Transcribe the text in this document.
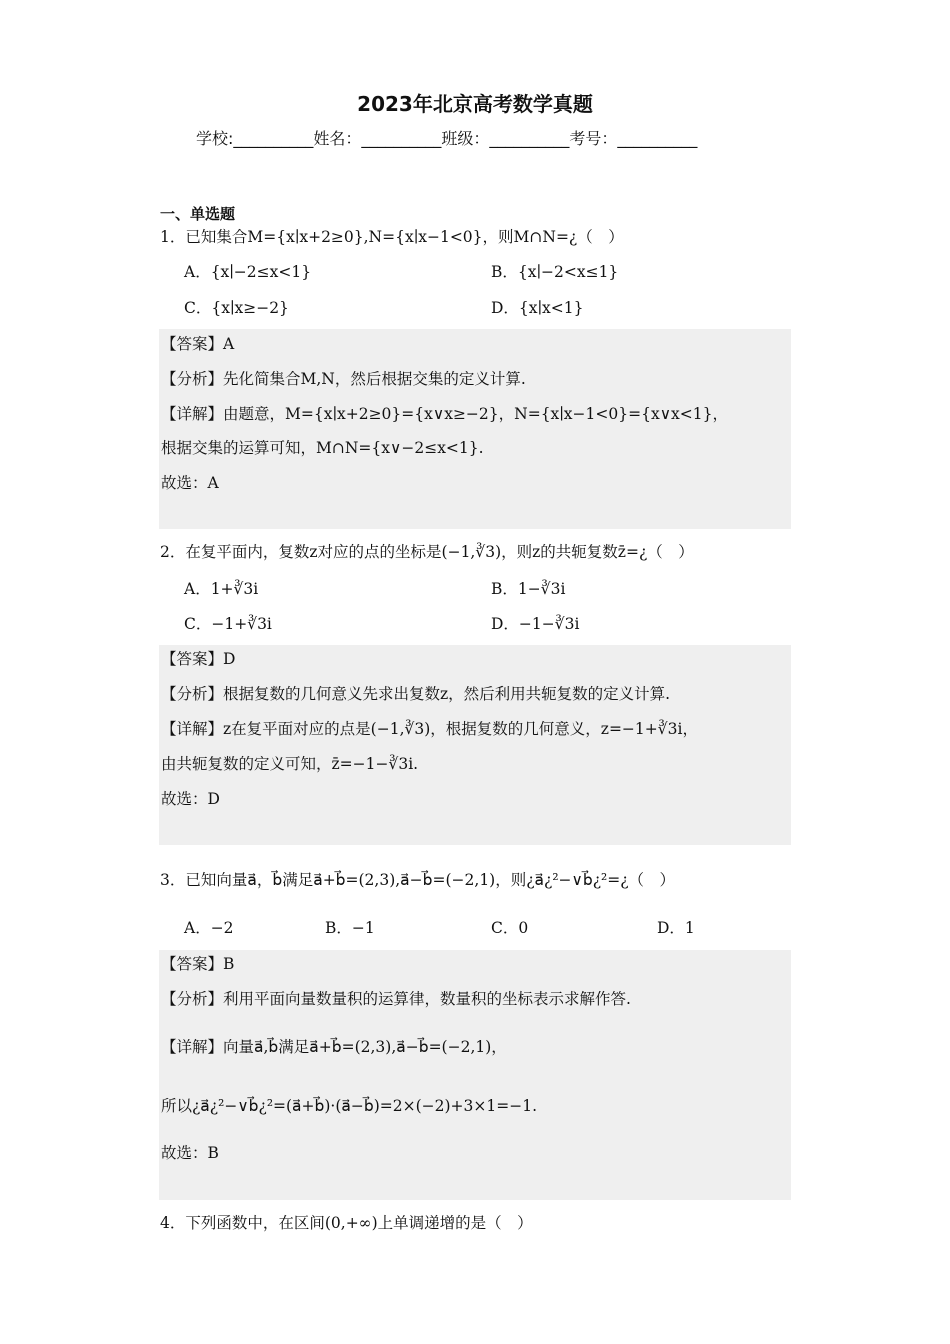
2023年北京高考数学真题
学校:__________姓名：__________班级：__________考号：__________
一、单选题
1．已知集合M={x∣x+2≥0},N={x∣x−1<0}，则M∩N=¿（　）
A．{x∣−2≤x<1}	B．{x∣−2<x≤1}
C．{x∣x≥−2}	D．{x∣x<1}
【答案】A
【分析】先化简集合M,N，然后根据交集的定义计算.
【详解】由题意，M={x∣x+2≥0}={x∨x≥−2}，N={x∣x−1<0}={x∨x<1}，
根据交集的运算可知，M∩N={x∨−2≤x<1}.
故选：A
2．在复平面内，复数z对应的点的坐标是(−1,∛3)，则z的共轭复数z̄=¿（　）
A．1+∛3i	B．1−∛3i
C．−1+∛3i	D．−1−∛3i
【答案】D
【分析】根据复数的几何意义先求出复数z，然后利用共轭复数的定义计算.
【详解】z在复平面对应的点是(−1,∛3)，根据复数的几何意义，z=−1+∛3i，
由共轭复数的定义可知，z̄=−1−∛3i.
故选：D
3．已知向量a⃗，b⃗满足a⃗+b⃗=(2,3),a⃗−b⃗=(−2,1)，则¿a⃗¿²−∨b⃗¿²=¿（　）
A．−2	B．−1	C．0	D．1
【答案】B
【分析】利用平面向量数量积的运算律，数量积的坐标表示求解作答.
【详解】向量a⃗,b⃗满足a⃗+b⃗=(2,3),a⃗−b⃗=(−2,1)，
所以¿a⃗¿²−∨b⃗¿²=(a⃗+b⃗)·(a⃗−b⃗)=2×(−2)+3×1=−1.
故选：B
4．下列函数中，在区间(0,+∞)上单调递增的是（　）
